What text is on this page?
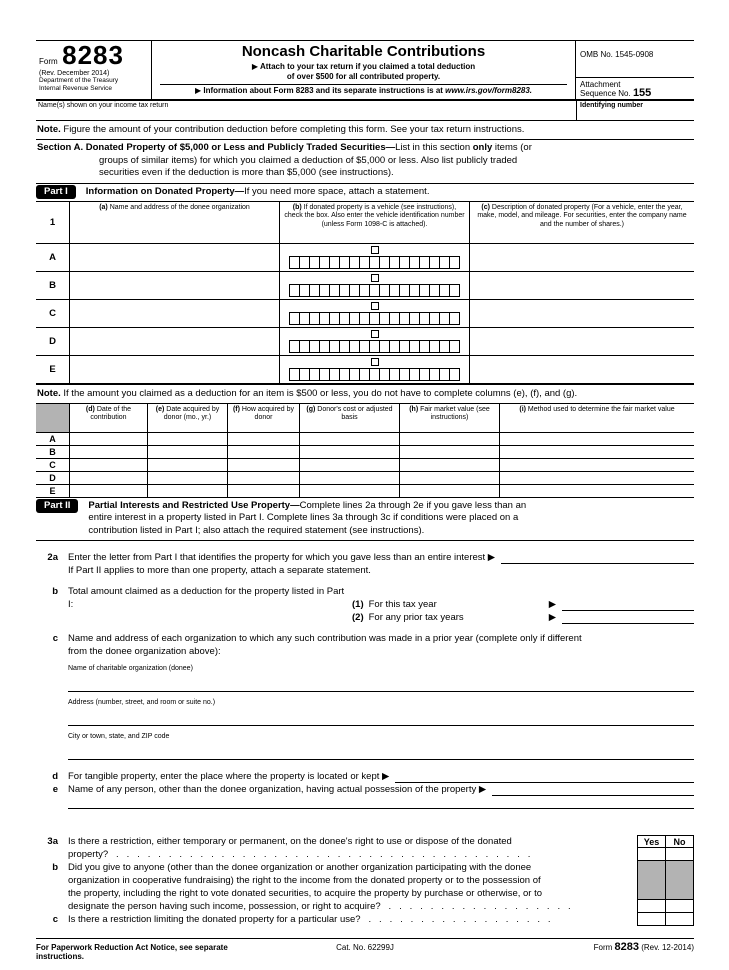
Form 8283
(Rev. December 2014)
Department of the Treasury
Internal Revenue Service
Noncash Charitable Contributions
▶ Attach to your tax return if you claimed a total deduction
of over $500 for all contributed property.
▶ Information about Form 8283 and its separate instructions is at www.irs.gov/form8283.
OMB No. 1545-0908
Attachment
Sequence No. 155
Name(s) shown on your income tax return	Identifying number
Note. Figure the amount of your contribution deduction before completing this form. See your tax return instructions.
Section A. Donated Property of $5,000 or Less and Publicly Traded Securities—List in this section only items (or
groups of similar items) for which you claimed a deduction of $5,000 or less. Also list publicly traded
securities even if the deduction is more than $5,000 (see instructions).
Part I	Information on Donated Property—If you need more space, attach a statement.
1
(a) Name and address of the donee organization	(b) If donated property is a vehicle (see instructions), check the box. Also enter the vehicle identification number (unless Form 1098-C is attached).
(c) Description of donated property (For a vehicle, enter the year, make, model, and mileage. For securities, enter the company name and the number of shares.)
A
B
C
D
E
Note. If the amount you claimed as a deduction for an item is $500 or less, you do not have to complete columns (e), (f), and (g).
(d) Date of the contribution
(e) Date acquired by donor (mo., yr.)
(f) How acquired by donor
(g) Donor's cost or adjusted basis
(h) Fair market value (see instructions)
(i) Method used to determine the fair market value
A
B
C
D
E
Part II	Partial Interests and Restricted Use Property—Complete lines 2a through 2e if you gave less than an
entire interest in a property listed in Part I. Complete lines 3a through 3c if conditions were placed on a
contribution listed in Part I; also attach the required statement (see instructions).
2a	Enter the letter from Part I that identifies the property for which you gave less than an entire interest ▶
If Part II applies to more than one property, attach a separate statement.
b	Total amount claimed as a deduction for the property listed in Part I:	(1) For this tax year	▶
(2) For any prior tax years	▶
c	Name and address of each organization to which any such contribution was made in a prior year (complete only if different
from the donee organization above):
Name of charitable organization (donee)
Address (number, street, and room or suite no.)
City or town, state, and ZIP code
d	For tangible property, enter the place where the property is located or kept ▶
e	Name of any person, other than the donee organization, having actual possession of the property ▶
3a	Is there a restriction, either temporary or permanent, on the donee's right to use or dispose of the donated	Yes	No
property?   .   .   .   .   .   .   .   .   .   .   .   .   .   .   .   .   .   .   .   .   .   .   .   .   .   .   .   .   .   .   .   .   .   .   .   .   .   .   .   .
b	Did you give to anyone (other than the donee organization or another organization participating with the donee
organization in cooperative fundraising) the right to the income from the donated property or to the possession of
the property, including the right to vote donated securities, to acquire the property by purchase or otherwise, or to
designate the person having such income, possession, or right to acquire?   .   .   .   .   .   .   .   .   .   .   .   .   .   .   .   .   .   .
c	Is there a restriction limiting the donated property for a particular use?   .   .   .   .   .   .   .   .   .   .   .   .   .   .   .   .   .   .
For Paperwork Reduction Act Notice, see separate instructions.
Cat. No. 62299J	Form 8283 (Rev. 12-2014)
